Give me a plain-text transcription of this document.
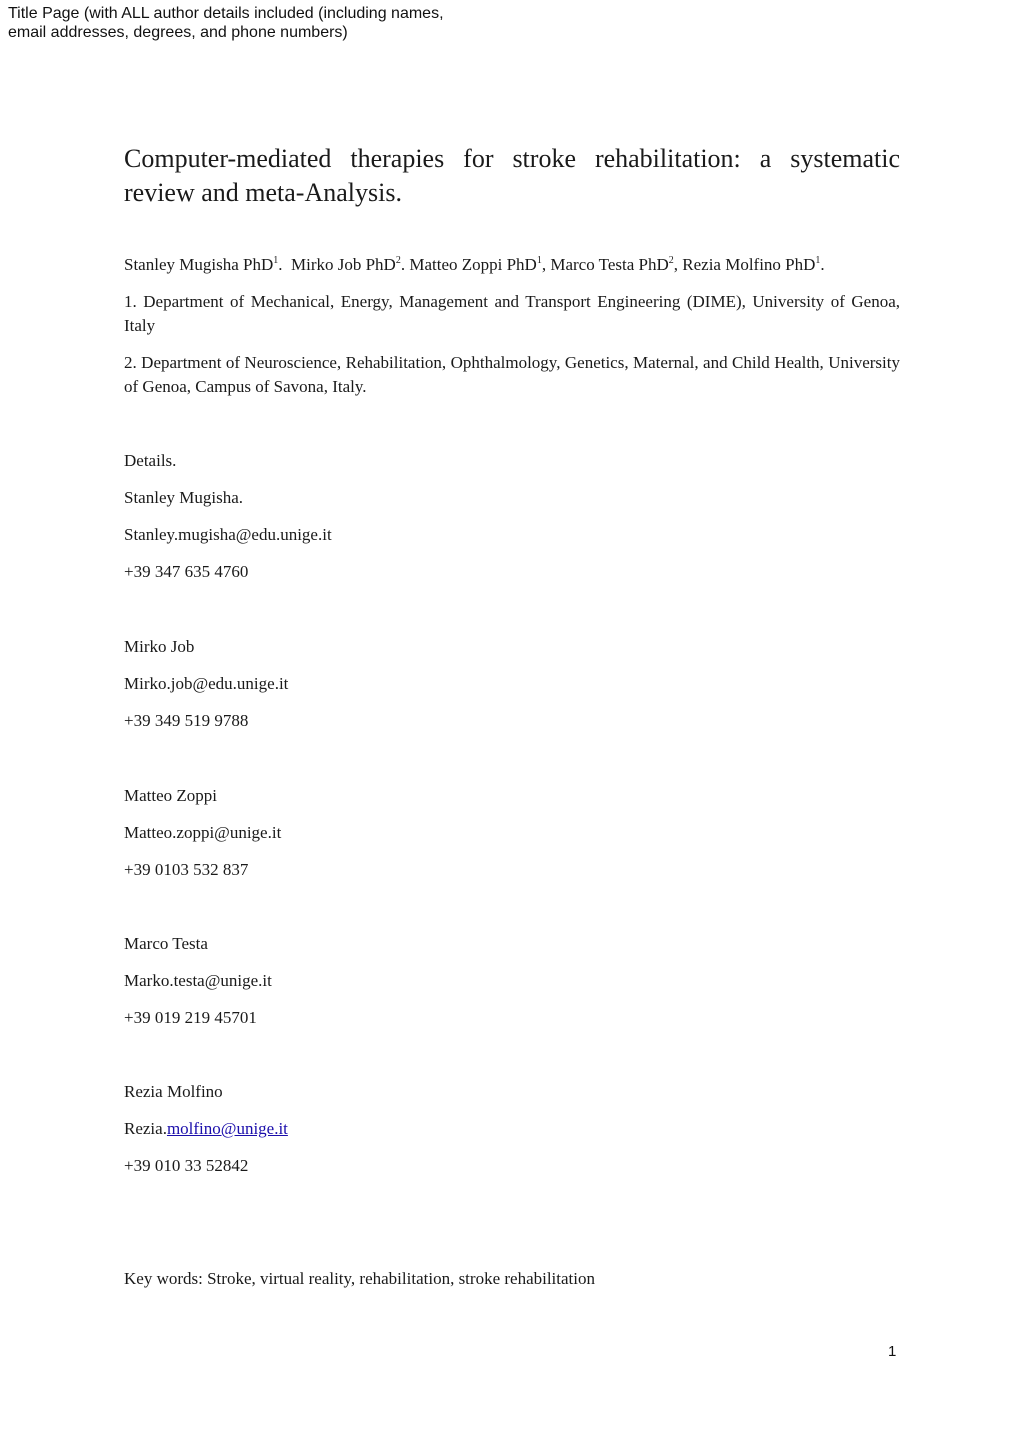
Title Page (with ALL author details included (including names,
email addresses, degrees, and phone numbers)
Computer-mediated therapies for stroke rehabilitation: a systematic review and meta-Analysis.
Stanley Mugisha PhD$^1$.  Mirko Job PhD$^2$. Matteo Zoppi PhD$^1$, Marco Testa PhD$^2$, Rezia Molfino PhD$^1$.
1. Department of Mechanical, Energy, Management and Transport Engineering (DIME), University of Genoa, Italy
2. Department of Neuroscience, Rehabilitation, Ophthalmology, Genetics, Maternal, and Child Health, University of Genoa, Campus of Savona, Italy.
Details.
Stanley Mugisha.
Stanley.mugisha@edu.unige.it
+39 347 635 4760
Mirko Job
Mirko.job@edu.unige.it
+39 349 519 9788
Matteo Zoppi
Matteo.zoppi@unige.it
+39 0103 532 837
Marco Testa
Marko.testa@unige.it
+39 019 219 45701
Rezia Molfino
Rezia.molfino@unige.it
+39 010 33 52842
Key words: Stroke, virtual reality, rehabilitation, stroke rehabilitation
1
